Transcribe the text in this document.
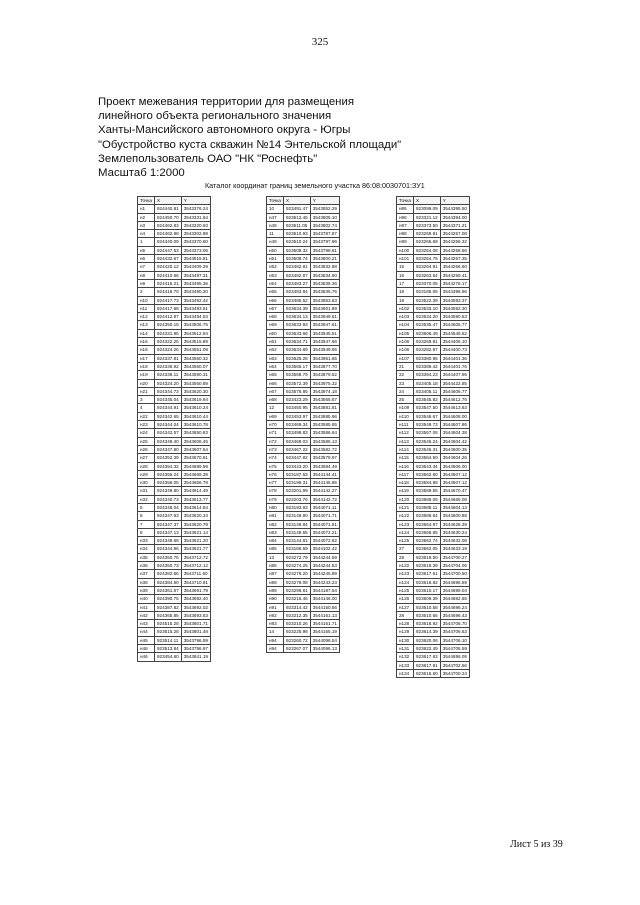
325
Проект межевания территории для размещения
линейного объекта регионального значения
Ханты-Мансийского автономного округа - Югры
"Обустройство куста скважин №14 Энтельской площади"
Землепользователь ОАО "НК "Роснефть"
Масштаб 1:2000
Каталог координат границ земельного участка 86:08:0030701:ЗУ1
Точка	X	Y
н1	924440.81	3543376.24
н2	924450.70	3543331.64
н3	924462.83	3543320.93
н4	924462.98	3543302.88
1	924440.09	3543370.60
н5	924447.53	3543373.06
н6	924432.67	3543515.81
н7	924420.12	3543409.29
н8	924410.66	3543497.31
н9	924415.21	3543495.36
2	924416.70	3543490.20
н10	924417.73	3543492.42
н11	924417.68	3543493.61
н12	924412.87	3543494.53
н13	924350.15	3543506.75
н14	924331.95	3543512.94
н15	924322.25	3543515.89
н16	924324.26	3543551.09
н17	924337.81	3543560.32
н18	924336.92	3543560.07
н19	924336.11	3543590.31
н20	924324.20	3543560.89
н21	924344.73	3543620.30
3	924345.04	3543619.94
4	924344.91	3543610.24
н22	924342.65	3543610.44
н23	924344.04	3543610.78
н24	924342.57	3543650.83
н25	924349.40	3543606.45
н26	924347.80	3543607.64
н27	924352.39	3543670.61
н28	924354.32	3543689.99
н29	924355.24	3543669.38
н30	924356.05	3543656.78
н31	924349.80	3543614.49
н32	924340.73	3543613.77
5	924348.04	3543614.84
6	924347.63	3543620.34
7	924347.37	3543620.79
8	924347.13	3543621.14
н33	924348.68	3543621.20
н34	924344.96	3543621.77
н35	924350.75	3543712.72
н36	924350.73	3543712.12
н37	924382.66	3543711.50
н38	924384.50	3543710.91
н39	924361.67	3543691.79
н40	924390.75	3543692.40
н41	924387.82	3543692.02
н42	924365.85	3543693.63
н43	924515.28	3543801.71
н44	923515.28	3543801.48
н45	923514.11	3543796.59
н46	923513.84	3543796.97
н46	923454.60	3543841.19
Точка	X	Y
10	923491.47	3543852.29
н47	923512.46	3543805.10
н48	923511.05	3543802.74
11	923510.93	3543787.87
н49	923510.24	3543797.96
н50	923508.32	3543798.61
н51	923508.74	3543800.21
н52	923482.81	3543832.98
н53	923482.87	3543834.60
н54	923483.27	3543836.36
н55	923483.94	3543835.76
н56	923485.52	3543853.63
н57	923634.39	3543901.89
н58	923634.13	3543949.61
н59	923633.93	3543947.61
н60	923633.66	3543945.51
н61	923634.71	3543947.66
н62	923634.89	3543949.65
н63	923625.28	3543951.65
н64	923565.17	3543877.70
н65	923568.79	3543879.52
н66	923572.39	3543975.32
н67	923576.85	3543974.18
н68	923423.29	3543565.67
12	923450.95	3543881.81
н69	923453.97	3543885.96
н70	923469.34	3543585.65
н71	923498.83	3543586.64
н72	923468.03	3543586.13
н73	923467.22	3543582.72
н74	923447.82	3543579.97
н75	923443.20	3543584.49
н76	923187.53	3544144.41
н77	923199.31	3544145.85
н78	923201.99	3544142.27
н79	923203.76	3544142.72
н80	923193.93	3544071.11
н81	923149.90	3544071.71
н82	923148.84	3544071.51
н83	923148.55	3544072.21
н84	923144.81	3544072.62
н85	923166.59	3544102.42
13	923272.79	3544244.59
н86	923274.25	3544244.53
н87	923276.20	3544245.89
н88	923278.08	3544243.23
н89	923299.81	3544187.54
н90	923216.46	3544146.00
н91	923314.42	3544150.56
н92	923212.35	3544161.13
н93	923210.26	3544161.71
14	923225.98	3544165.19
н94	923260.72	3544096.54
н94	923267.07	3544096.13
Точка	X	Y
н95	923099.09	3544395.50
н96	923321.12	3544394.00
н97	923373.50	3544371.21
н98	923269.81	3544257.08
н99	923266.69	3544256.32
н100	923264.08	3544258.66
н101	923264.75	3544257.35
15	923264.91	3544256.60
16	923263.54	3544259.41
17	923370.05	3544276.17
18	923185.05	3544396.96
19	923522.39	3544593.37
н102	923533.10	3544592.30
н103	923534.20	3544590.53
н104	923535.47	3544605.77
н105	923606.49	3544546.52
н106	923269.81	3544406.10
н106	923282.97	3544400.73
н107	923380.95	3544401.36
21	923389.42	3544401.76
22	923394.23	3544407.95
23	923405.18	3544422.85
24	923405.11	3544606.77
25	923545.82	3544612.76
н109	923547.50	3544613.63
н110	923546.67	3544608.00
н111	923549.73	3544607.86
н112	923567.08	3544604.38
н113	923546.24	3544604.42
н114	923546.31	3544600.35
н115	923564.50	3544604.26
н116	923643.34	3544606.00
н117	923562.60	3544607.12
н118	923584.88	3544607.12
н119	923589.56	3544670.47
н120	923589.06	3544666.08
н121	923588.11	3544604.13
н122	923586.64	3544600.88
н123	923564.97	3544628.39
н124	923566.85	3544630.24
н125	923562.74	3544632.08
27	923562.05	3544633.19
28	923619.50	3544700.27
н122	923618.39	3544704.06
н123	923617.61	3544700.50
н124	923616.82	3544696.89
н125	923610.17	3544699.04
н126	923609.39	3544682.65
н127	923610.58	3544696.24
28	923610.65	3544696.43
н128	923618.92	3544706.70
н129	923614.39	3544706.63
н130	923620.06	3544706.10
н131	923622.49	3544706.59
н132	923617.63	3544696.05
н133	923617.81	3544702.56
н134	923616.60	3544700.24
Лист 5 из 39
